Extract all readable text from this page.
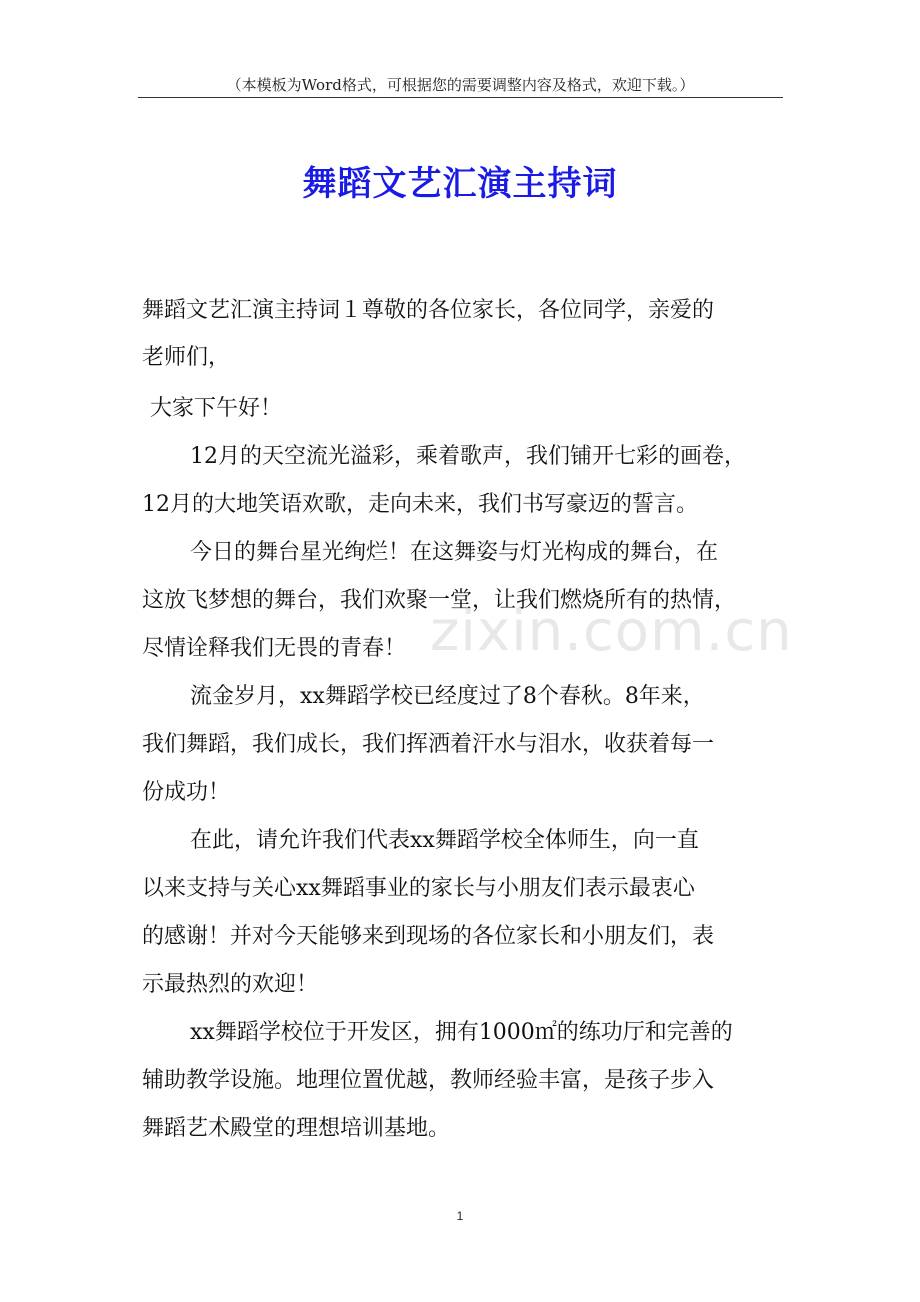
（本模板为Word格式，可根据您的需要调整内容及格式，欢迎下载。）
舞蹈文艺汇演主持词
舞蹈文艺汇演主持词１尊敬的各位家长，各位同学，亲爱的
老师们，
大家下午好！
12月的天空流光溢彩，乘着歌声，我们铺开七彩的画卷，
12月的大地笑语欢歌，走向未来，我们书写豪迈的誓言。
今日的舞台星光绚烂！在这舞姿与灯光构成的舞台，在
这放飞梦想的舞台，我们欢聚一堂，让我们燃烧所有的热情，
尽情诠释我们无畏的青春！
流金岁月，xx舞蹈学校已经度过了8个春秋。8年来，
我们舞蹈，我们成长，我们挥洒着汗水与泪水，收获着每一
份成功！
在此，请允许我们代表xx舞蹈学校全体师生，向一直
以来支持与关心xx舞蹈事业的家长与小朋友们表示最衷心
的感谢！并对今天能够来到现场的各位家长和小朋友们，表
示最热烈的欢迎！
xx舞蹈学校位于开发区，拥有1000㎡的练功厅和完善的
辅助教学设施。地理位置优越，教师经验丰富，是孩子步入
舞蹈艺术殿堂的理想培训基地。
zixin.com.cn
1
